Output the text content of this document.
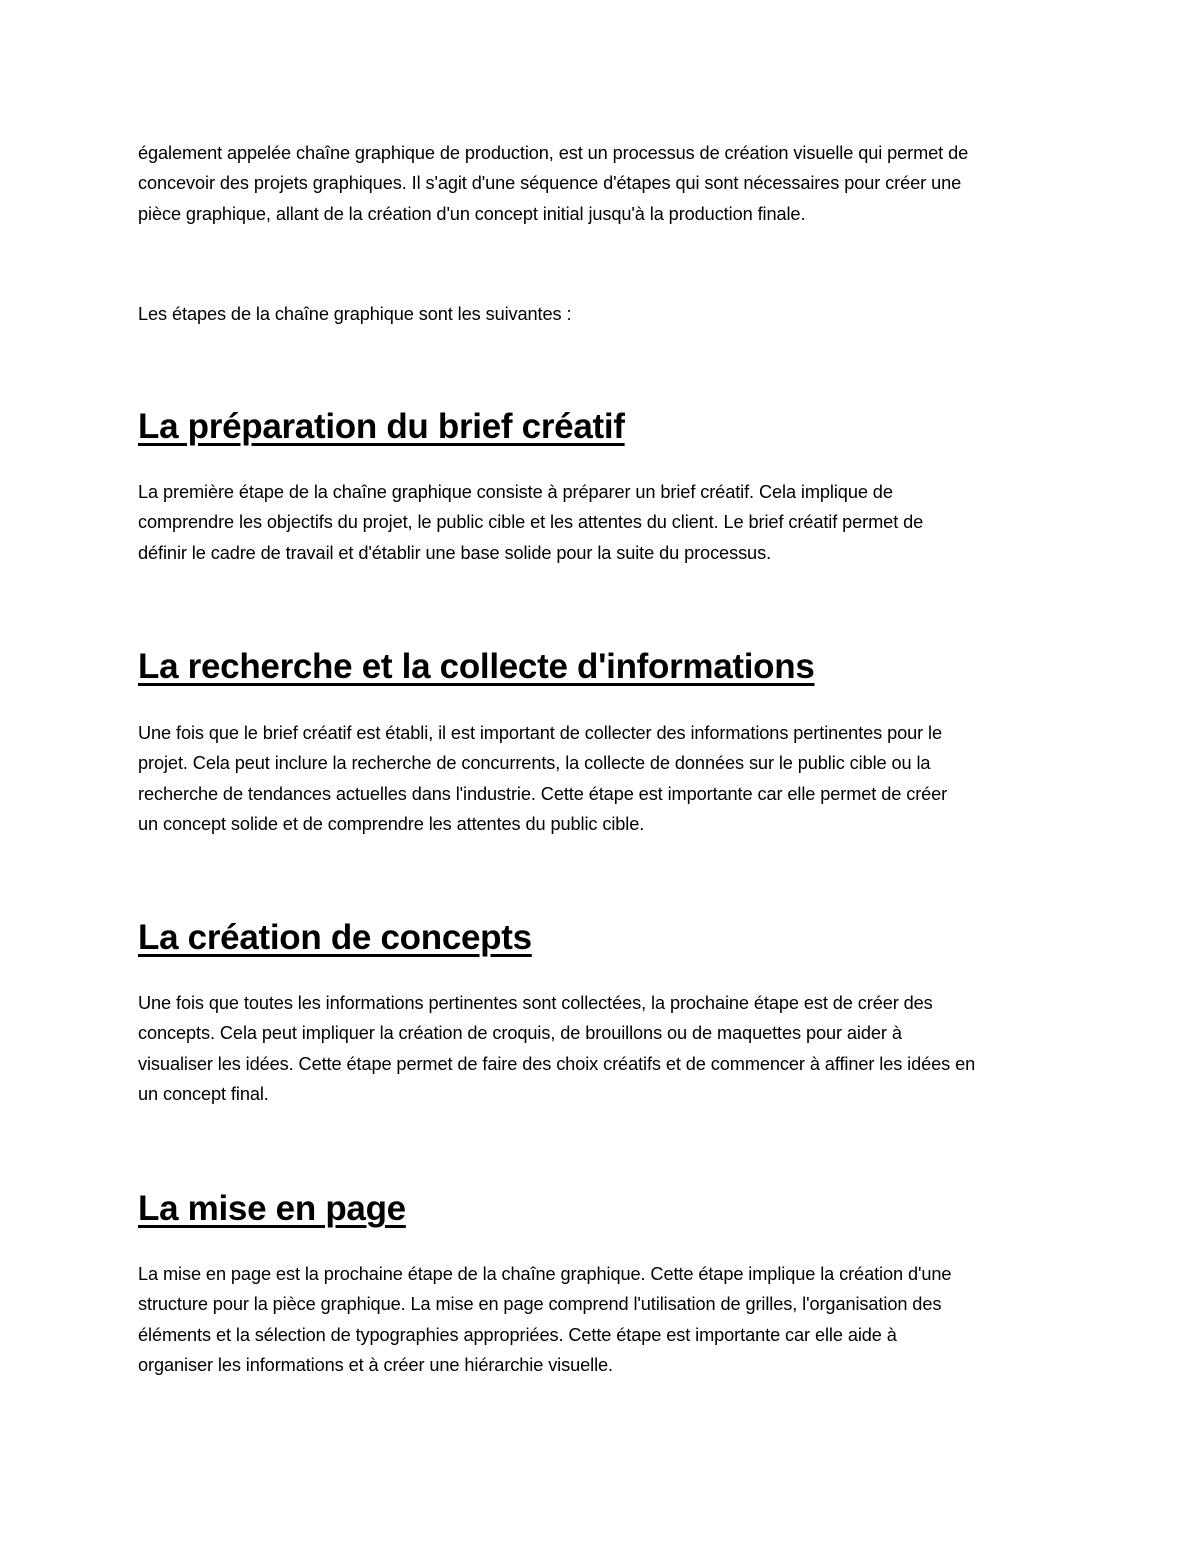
également appelée chaîne graphique de production, est un processus de création visuelle qui permet de
concevoir des projets graphiques. Il s'agit d'une séquence d'étapes qui sont nécessaires pour créer une
pièce graphique, allant de la création d'un concept initial jusqu'à la production finale.

Les étapes de la chaîne graphique sont les suivantes :

La préparation du brief créatif

La première étape de la chaîne graphique consiste à préparer un brief créatif. Cela implique de
comprendre les objectifs du projet, le public cible et les attentes du client. Le brief créatif permet de
définir le cadre de travail et d'établir une base solide pour la suite du processus.

La recherche et la collecte d'informations

Une fois que le brief créatif est établi, il est important de collecter des informations pertinentes pour le
projet. Cela peut inclure la recherche de concurrents, la collecte de données sur le public cible ou la
recherche de tendances actuelles dans l'industrie. Cette étape est importante car elle permet de créer
un concept solide et de comprendre les attentes du public cible.

La création de concepts

Une fois que toutes les informations pertinentes sont collectées, la prochaine étape est de créer des
concepts. Cela peut impliquer la création de croquis, de brouillons ou de maquettes pour aider à
visualiser les idées. Cette étape permet de faire des choix créatifs et de commencer à affiner les idées en
un concept final.

La mise en page

La mise en page est la prochaine étape de la chaîne graphique. Cette étape implique la création d'une
structure pour la pièce graphique. La mise en page comprend l'utilisation de grilles, l'organisation des
éléments et la sélection de typographies appropriées. Cette étape est importante car elle aide à
organiser les informations et à créer une hiérarchie visuelle.
